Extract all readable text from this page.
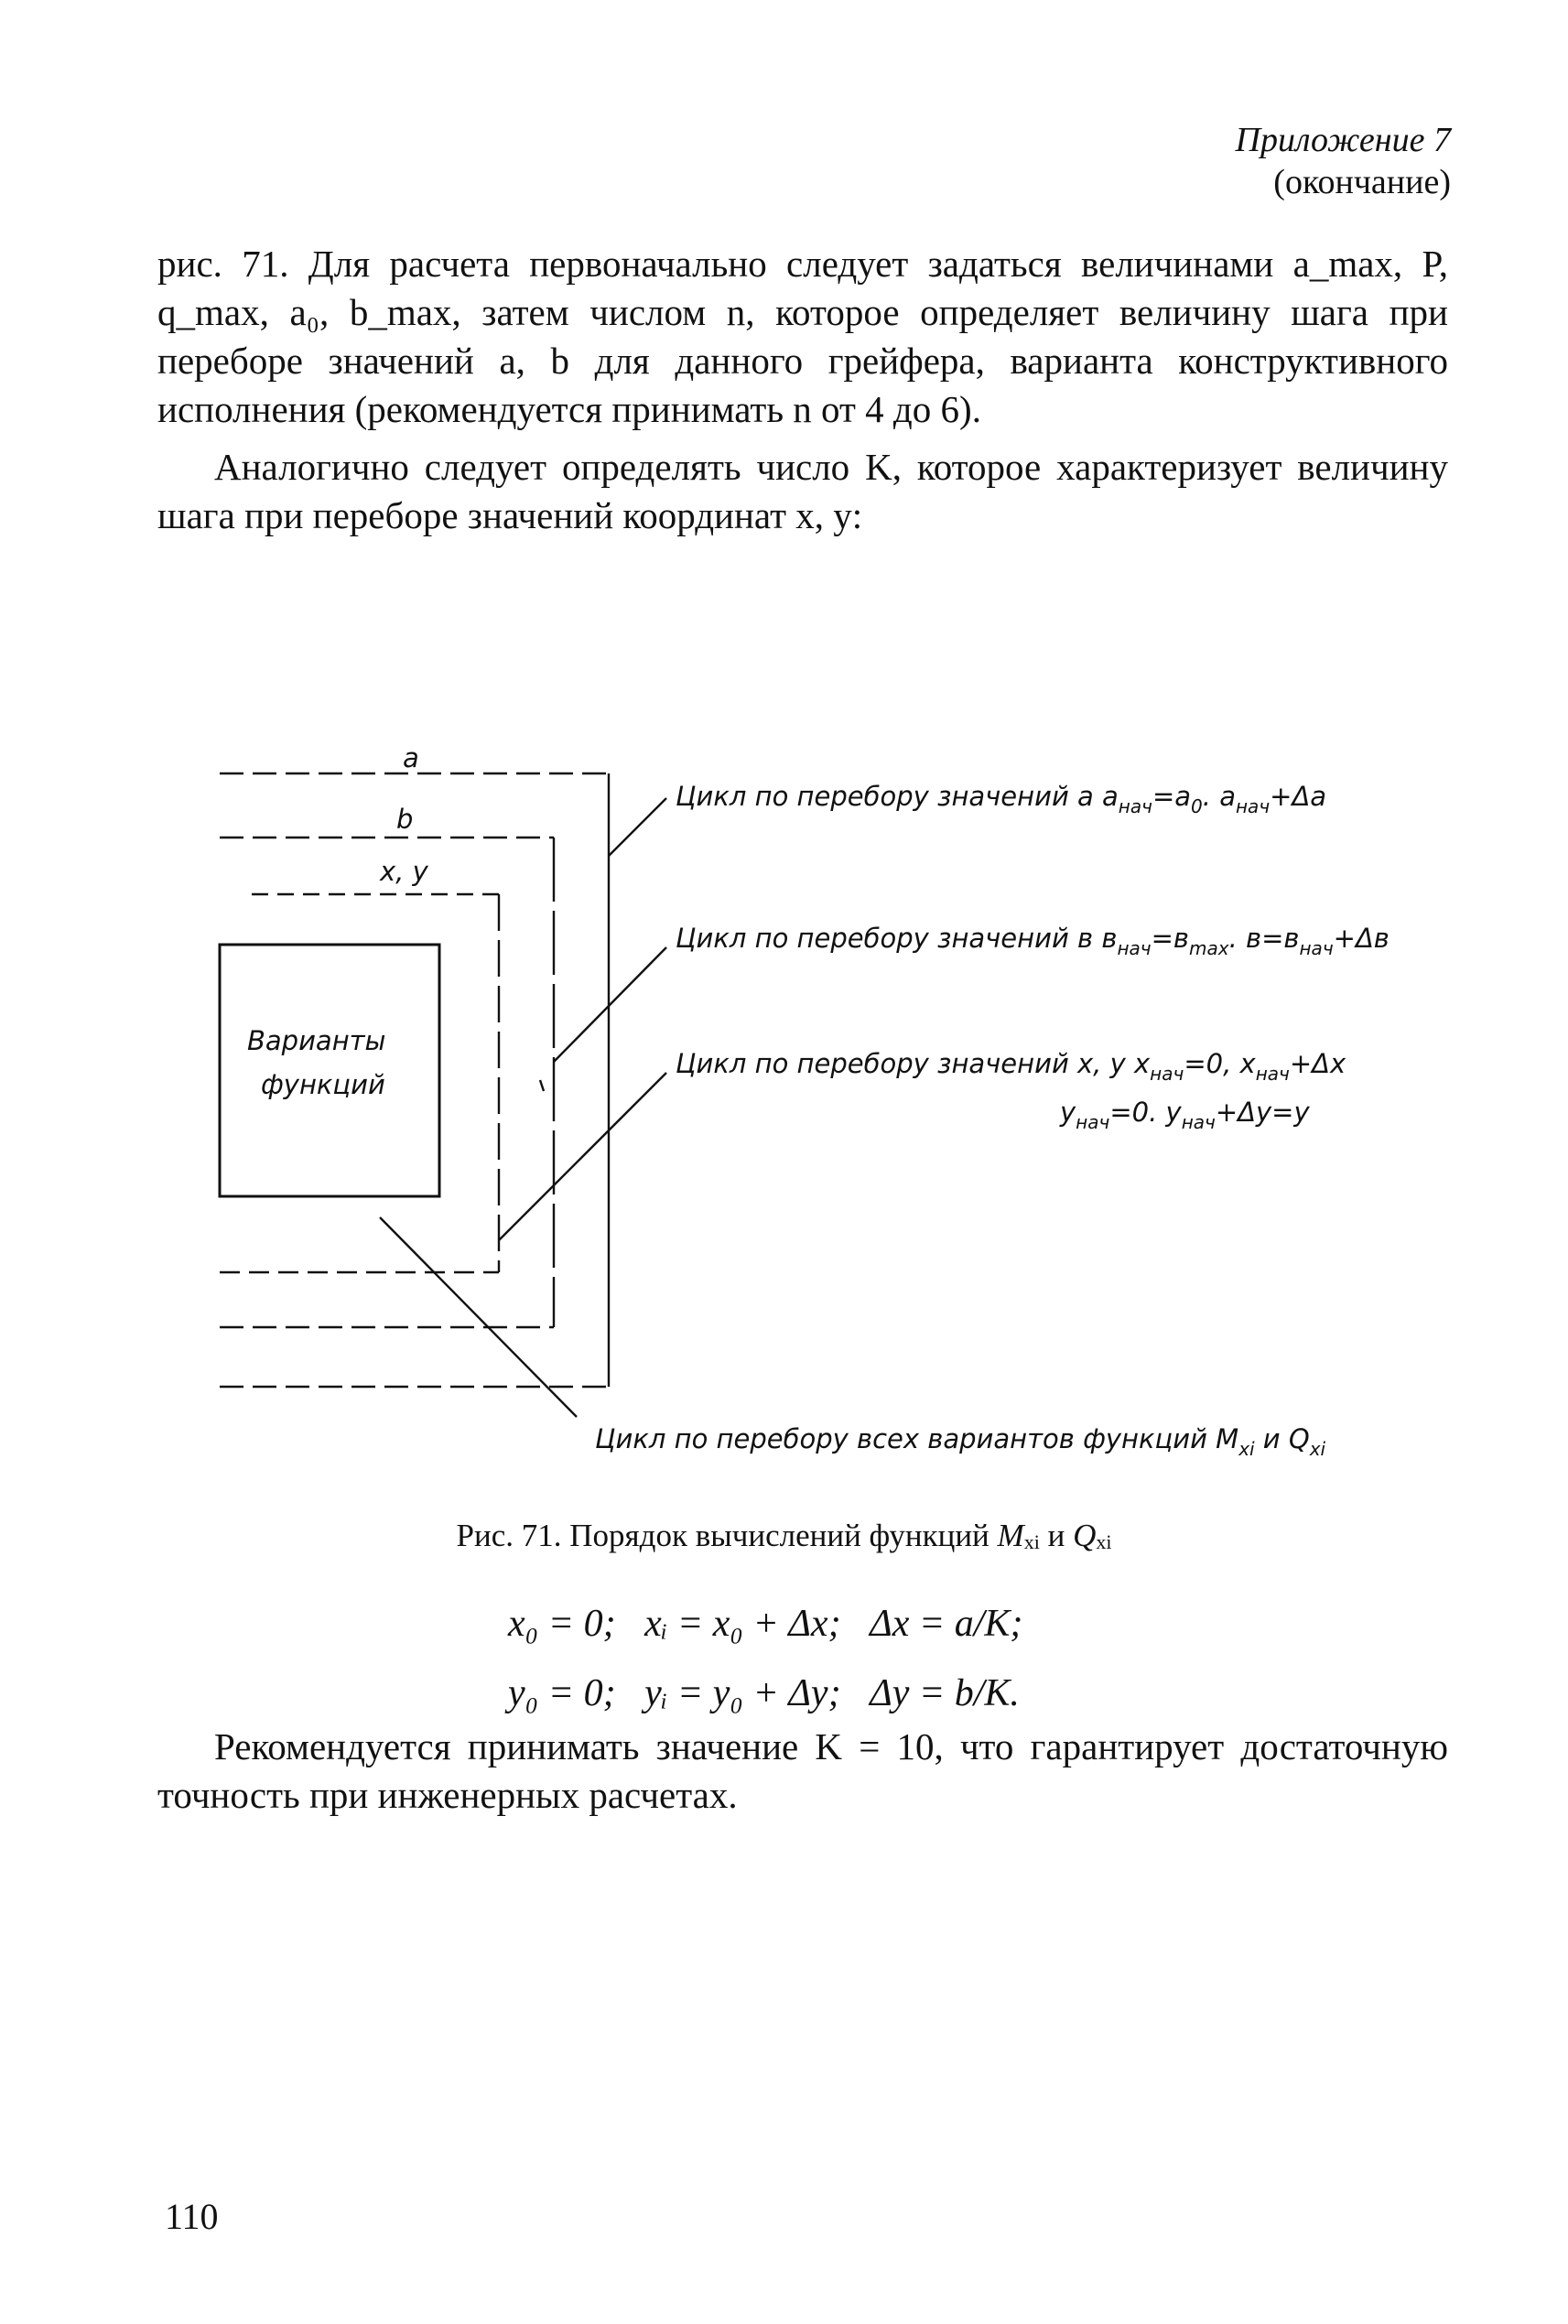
Приложение 7
(окончание)

рис. 71. Для расчета первоначально следует задаться величинами a_max, P, q_max, a₀, b_max, затем числом n, которое определяет величину шага при переборе значений a, b для данного грейфера, варианта конструктивного исполнения (рекомендуется принимать n от 4 до 6).

Аналогично следует определять число K, которое характеризует величину шага при переборе значений координат x, y:

a
b
x, y
Варианты
функций
Цикл по перебору значений a $a_{нач}=a_0$. $a_{нач}+\Delta a$
Цикл по перебору значений в $в_{нач}=в_{max}$. $в=в_{нач}+\Delta в$
Цикл по перебору значений x, y $x_{нач}=0$, $x_{нач}+\Delta x$
$y_{нач}=0$. $y_{нач}+\Delta y=y$
Цикл по перебору всех вариантов функций $M_{xi}$ и $Q_{xi}$
Рис. 71. Порядок вычислений функций $M_{xi}$ и $Q_{xi}$
x₀ = 0;   xᵢ = x₀ + Δx;   Δx = a/K;
y₀ = 0;   yᵢ = y₀ + Δy;   Δy = b/K.

Рекомендуется принимать значение K = 10, что гарантирует достаточную точность при инженерных расчетах.

110
